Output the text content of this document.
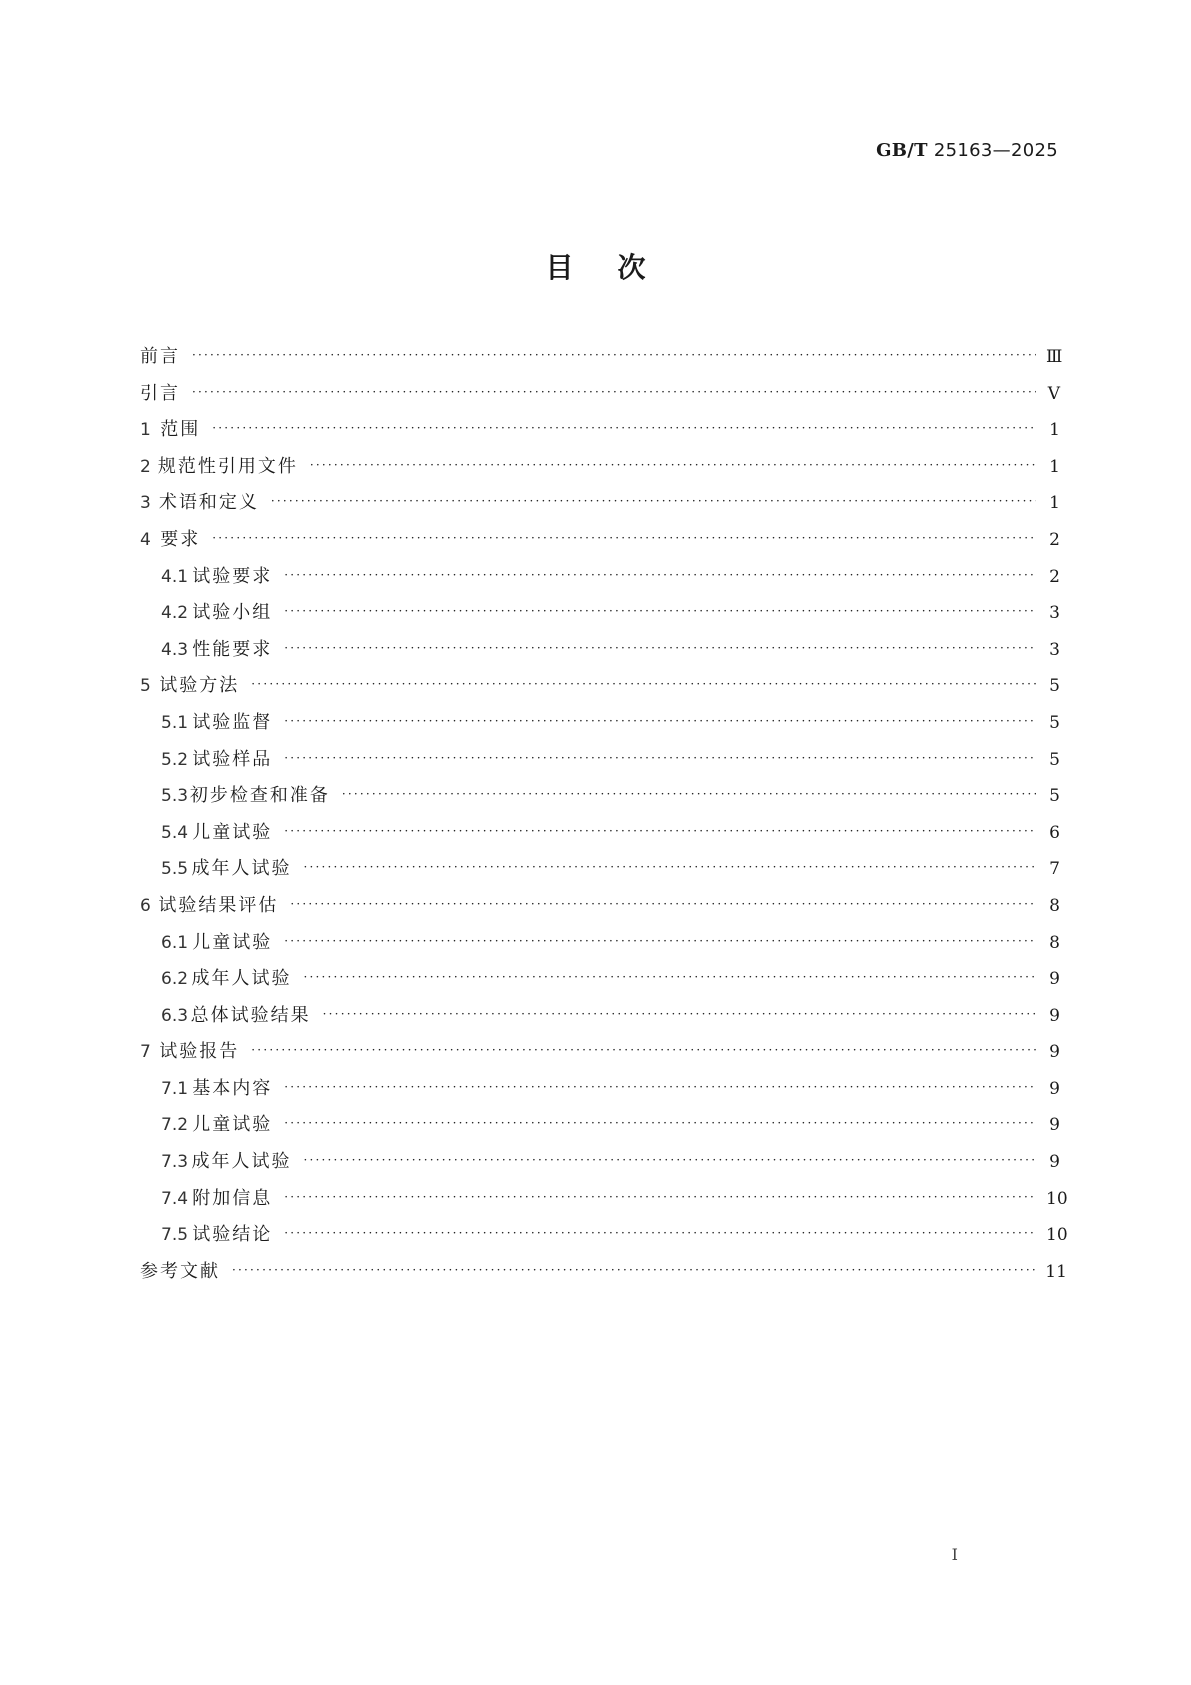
GB/T 25163—2025
目次
前言 ·····	Ⅲ
引言 ·····	Ⅴ
1 范围 ·····	1
2 规范性引用文件 ·····	1
3 术语和定义 ·····	1
4 要求 ·····	2
4.1 试验要求 ·····	2
4.2 试验小组 ·····	3
4.3 性能要求 ·····	3
5 试验方法 ·····	5
5.1 试验监督 ·····	5
5.2 试验样品 ·····	5
5.3 初步检查和准备 ·····	5
5.4 儿童试验 ·····	6
5.5 成年人试验 ·····	7
6 试验结果评估 ·····	8
6.1 儿童试验 ·····	8
6.2 成年人试验 ·····	9
6.3 总体试验结果 ·····	9
7 试验报告 ·····	9
7.1 基本内容 ·····	9
7.2 儿童试验 ·····	9
7.3 成年人试验 ·····	9
7.4 附加信息 ·····	10
7.5 试验结论 ·····	10
参考文献 ·····	11
I
